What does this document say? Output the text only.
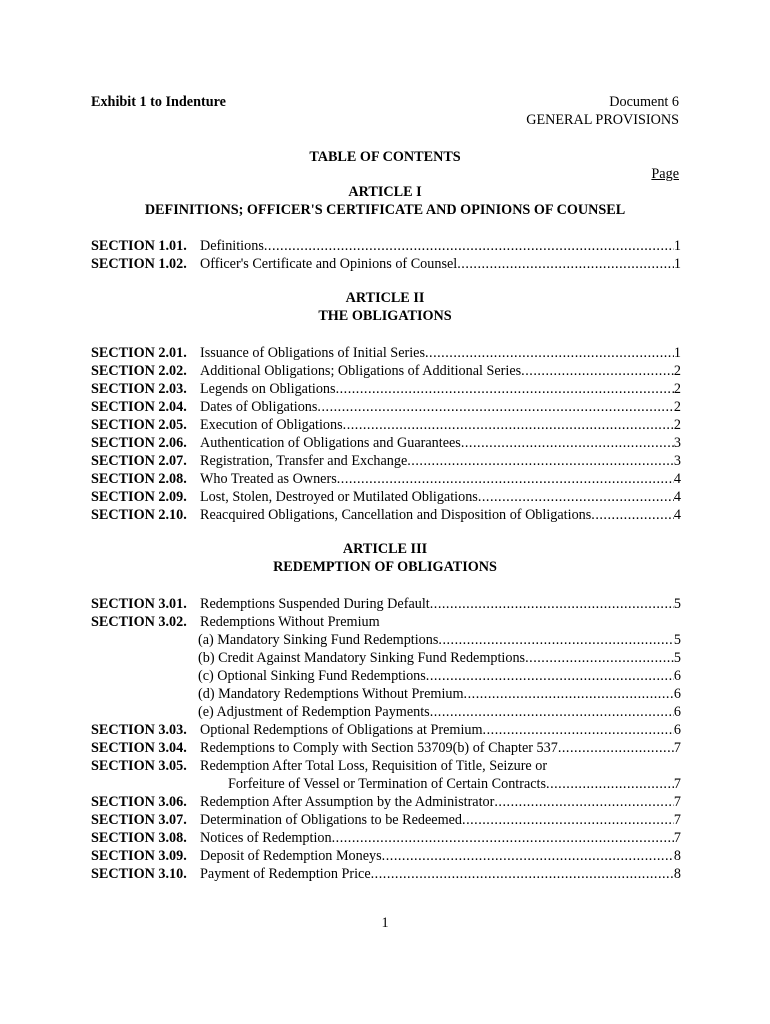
Exhibit 1 to Indenture	Document 6
GENERAL PROVISIONS
TABLE OF CONTENTS
Page
ARTICLE I
DEFINITIONS; OFFICER'S CERTIFICATE AND OPINIONS OF COUNSEL
SECTION 1.01. Definitions .....	1
SECTION 1.02. Officer's Certificate and Opinions of Counsel .....	1
ARTICLE II
THE OBLIGATIONS
SECTION 2.01. Issuance of Obligations of Initial Series .....	1
SECTION 2.02. Additional Obligations; Obligations of Additional Series .....	2
SECTION 2.03. Legends on Obligations .....	2
SECTION 2.04. Dates of Obligations .....	2
SECTION 2.05. Execution of Obligations .....	2
SECTION 2.06. Authentication of Obligations and Guarantees .....	3
SECTION 2.07. Registration, Transfer and Exchange .....	3
SECTION 2.08. Who Treated as Owners .....	4
SECTION 2.09. Lost, Stolen, Destroyed or Mutilated Obligations .....	4
SECTION 2.10. Reacquired Obligations, Cancellation and Disposition of Obligations .....	4
ARTICLE III
REDEMPTION OF OBLIGATIONS
SECTION 3.01. Redemptions Suspended During Default .....	5
SECTION 3.02. Redemptions Without Premium
(a) Mandatory Sinking Fund Redemptions .....	5
(b) Credit Against Mandatory Sinking Fund Redemptions .....	5
(c) Optional Sinking Fund Redemptions .....	6
(d) Mandatory Redemptions Without Premium .....	6
(e) Adjustment of Redemption Payments .....	6
SECTION 3.03. Optional Redemptions of Obligations at Premium .....	6
SECTION 3.04. Redemptions to Comply with Section 53709(b) of Chapter 537 .....	7
SECTION 3.05. Redemption After Total Loss, Requisition of Title, Seizure or
Forfeiture of Vessel or Termination of Certain Contracts .....	7
SECTION 3.06. Redemption After Assumption by the Administrator .....	7
SECTION 3.07. Determination of Obligations to be Redeemed .....	7
SECTION 3.08. Notices of Redemption .....	7
SECTION 3.09. Deposit of Redemption Moneys .....	8
SECTION 3.10. Payment of Redemption Price .....	8
1
